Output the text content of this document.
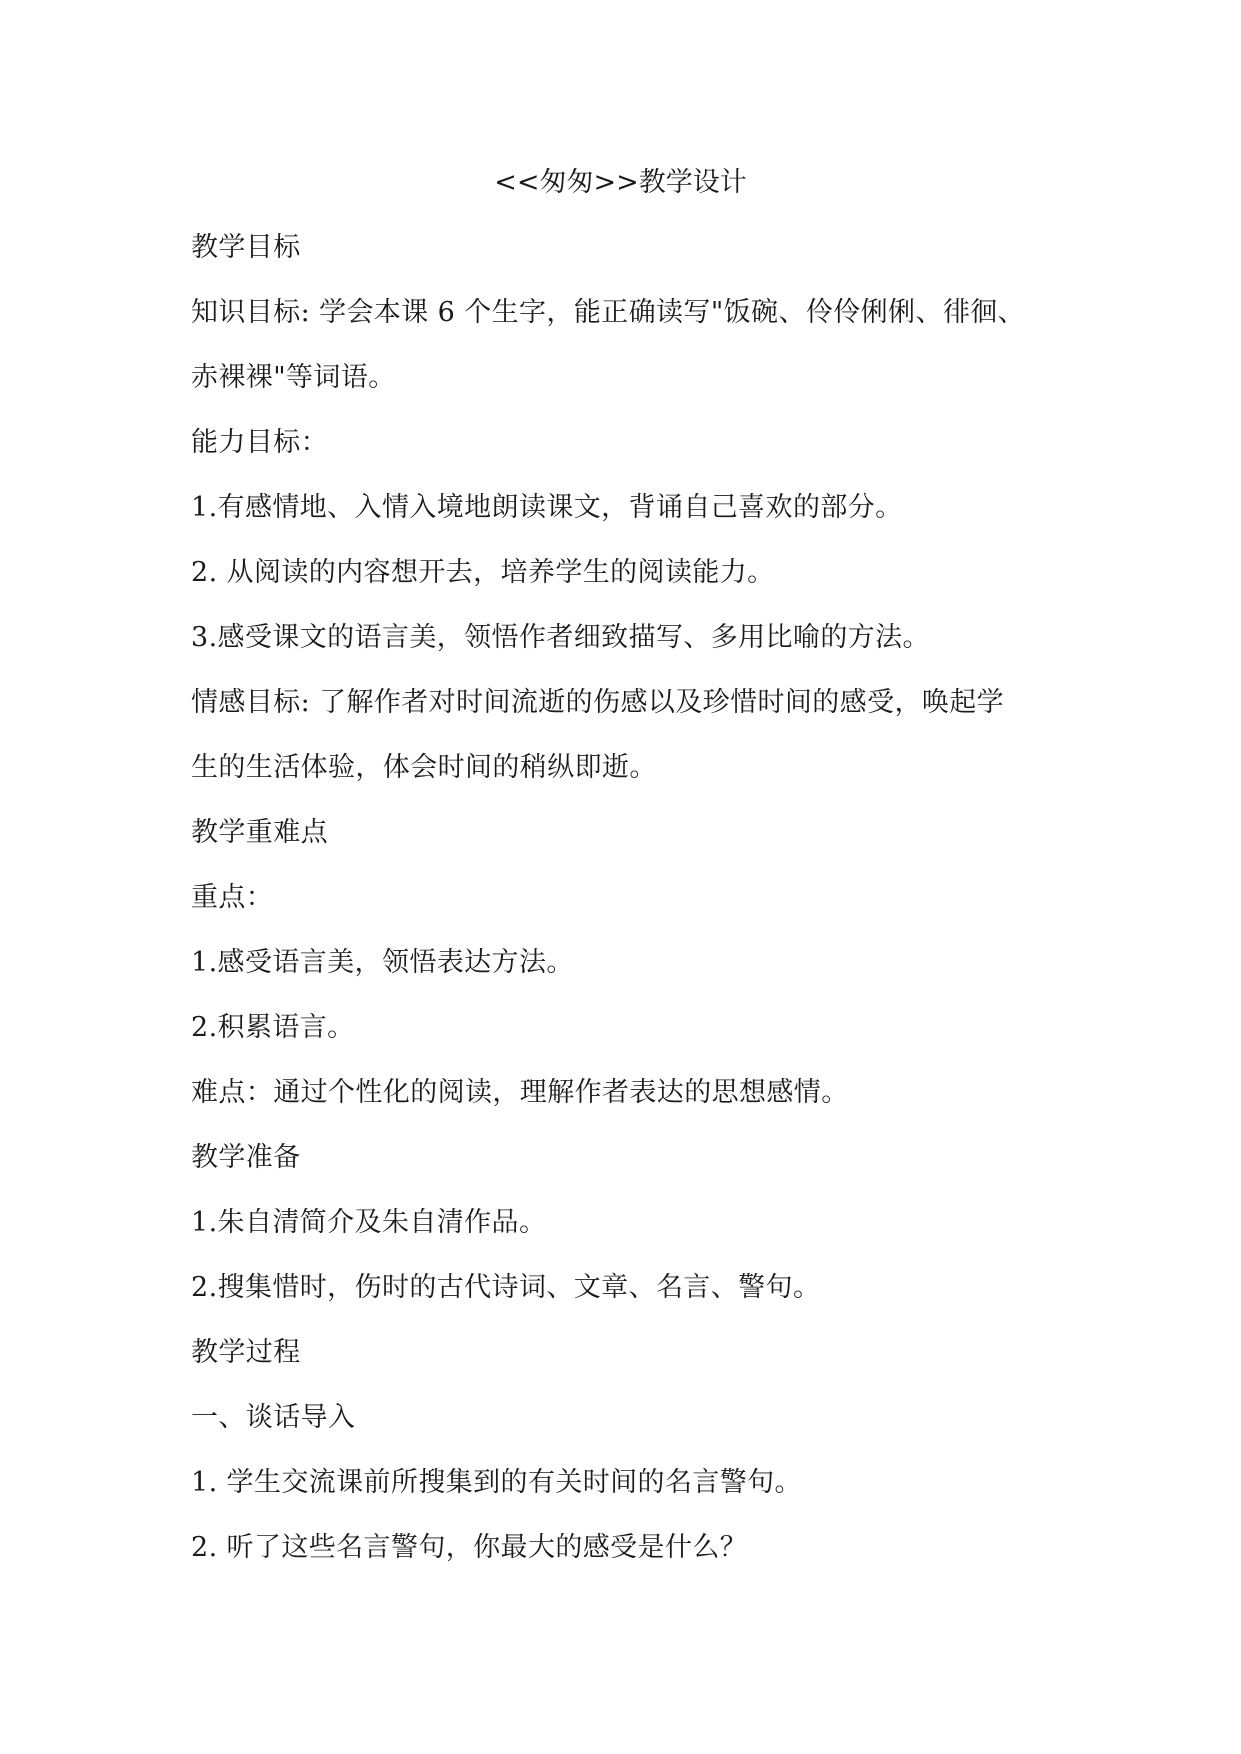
<<匆匆>>教学设计

教学目标

知识目标: 学会本课 6 个生字，能正确读写"饭碗、伶伶俐俐、徘徊、

赤裸裸"等词语。

能力目标：

1.有感情地、入情入境地朗读课文，背诵自己喜欢的部分。

2. 从阅读的内容想开去，培养学生的阅读能力。

3.感受课文的语言美，领悟作者细致描写、多用比喻的方法。

情感目标: 了解作者对时间流逝的伤感以及珍惜时间的感受，唤起学

生的生活体验，体会时间的稍纵即逝。

教学重难点

重点：

1.感受语言美，领悟表达方法。

2.积累语言。

难点：通过个性化的阅读，理解作者表达的思想感情。

教学准备

1.朱自清简介及朱自清作品。

2.搜集惜时，伤时的古代诗词、文章、名言、警句。

教学过程

一、谈话导入

1. 学生交流课前所搜集到的有关时间的名言警句。

2. 听了这些名言警句，你最大的感受是什么？
